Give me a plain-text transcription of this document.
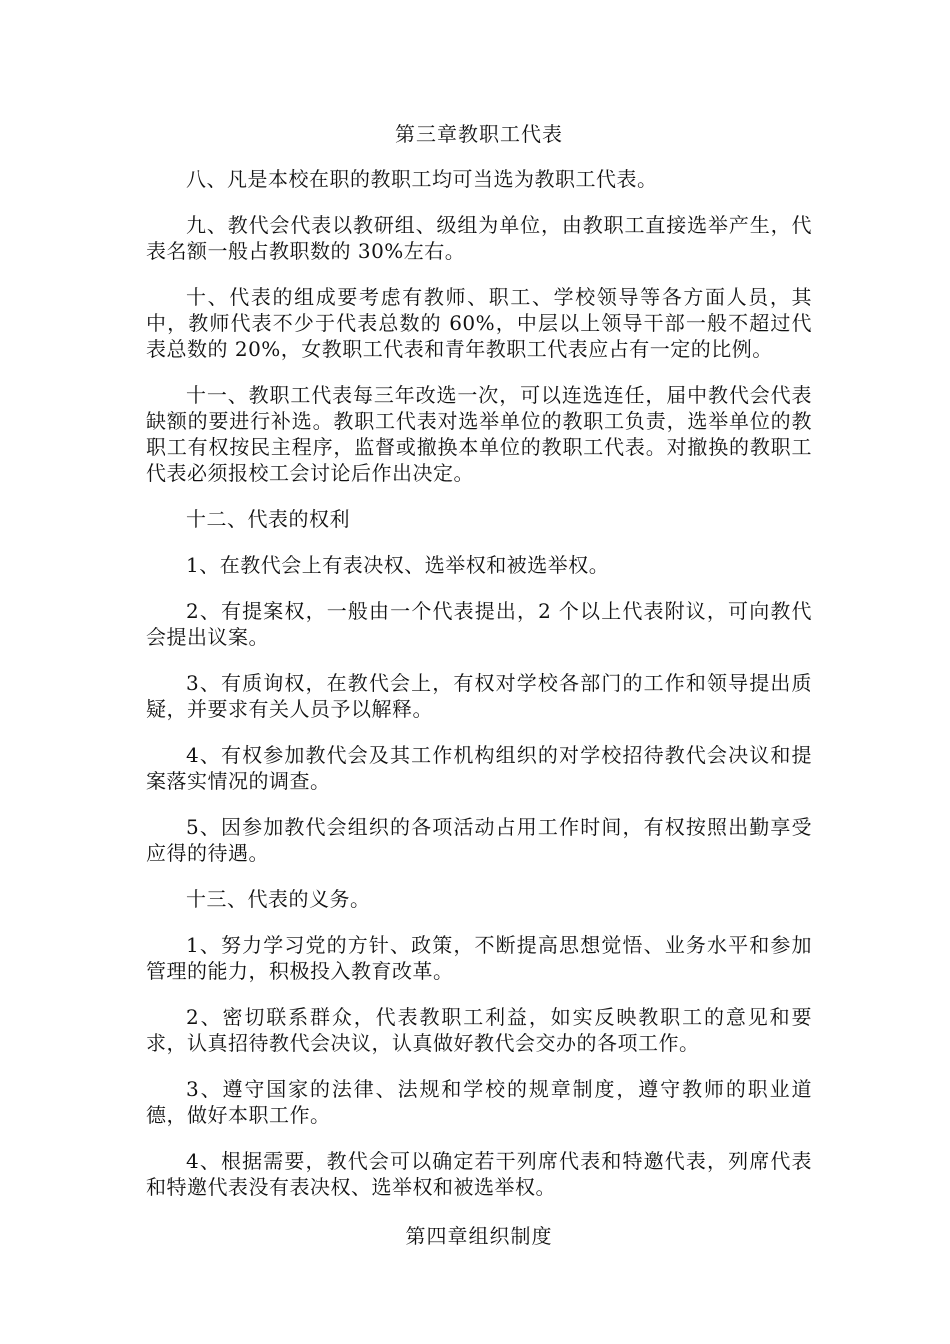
第三章教职工代表

八、凡是本校在职的教职工均可当选为教职工代表。

九、教代会代表以教研组、级组为单位，由教职工直接选举产生，代表名额一般占教职数的 30%左右。

十、代表的组成要考虑有教师、职工、学校领导等各方面人员，其中，教师代表不少于代表总数的 60%，中层以上领导干部一般不超过代表总数的 20%，女教职工代表和青年教职工代表应占有一定的比例。

十一、教职工代表每三年改选一次，可以连选连任，届中教代会代表缺额的要进行补选。教职工代表对选举单位的教职工负责，选举单位的教职工有权按民主程序，监督或撤换本单位的教职工代表。对撤换的教职工代表必须报校工会讨论后作出决定。

十二、代表的权利

1、在教代会上有表决权、选举权和被选举权。

2、有提案权，一般由一个代表提出，2 个以上代表附议，可向教代会提出议案。

3、有质询权，在教代会上，有权对学校各部门的工作和领导提出质疑，并要求有关人员予以解释。

4、有权参加教代会及其工作机构组织的对学校招待教代会决议和提案落实情况的调查。

5、因参加教代会组织的各项活动占用工作时间，有权按照出勤享受应得的待遇。

十三、代表的义务。

1、努力学习党的方针、政策，不断提高思想觉悟、业务水平和参加管理的能力，积极投入教育改革。

2、密切联系群众，代表教职工利益，如实反映教职工的意见和要求，认真招待教代会决议，认真做好教代会交办的各项工作。

3、遵守国家的法律、法规和学校的规章制度，遵守教师的职业道德，做好本职工作。

4、根据需要，教代会可以确定若干列席代表和特邀代表，列席代表和特邀代表没有表决权、选举权和被选举权。

第四章组织制度
